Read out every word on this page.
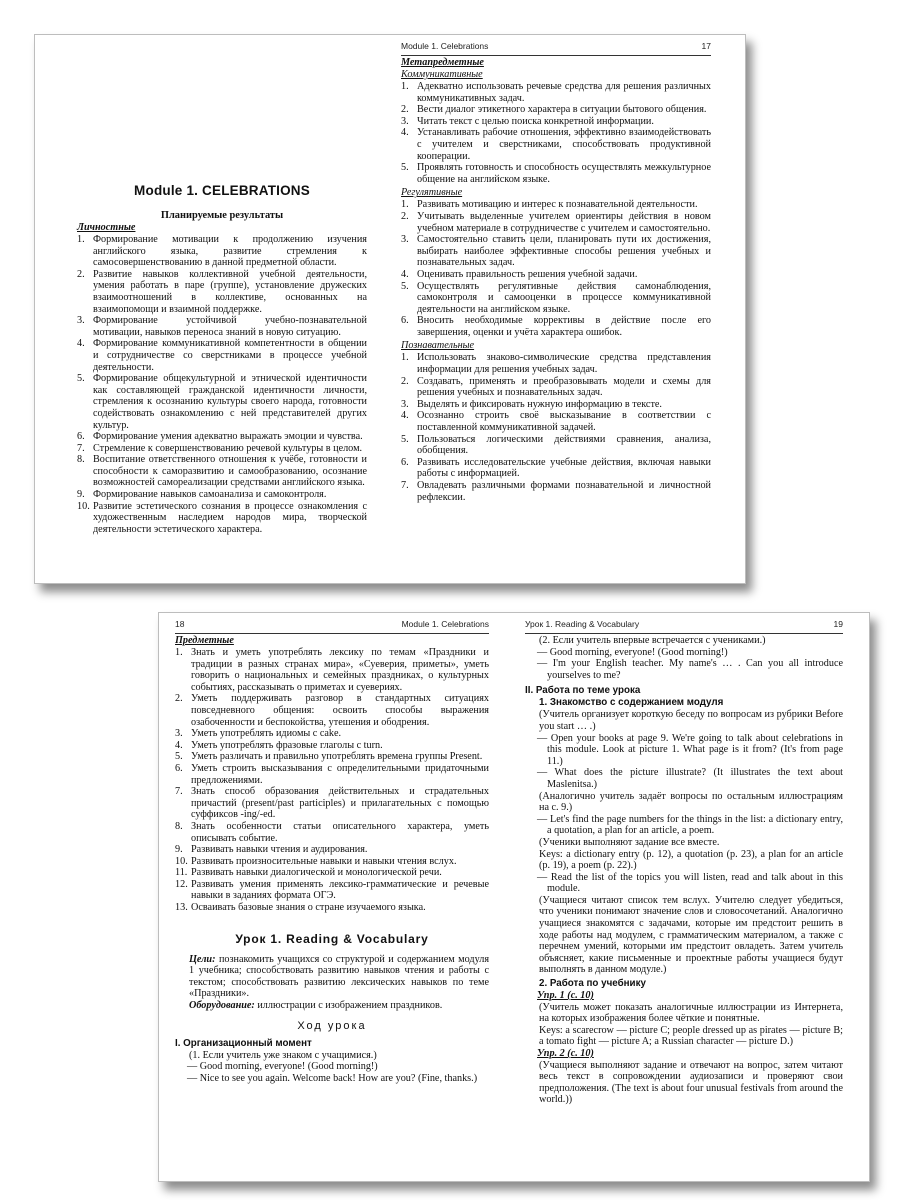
Module 1. CELEBRATIONS
Планируемые результаты
Личностные
1. Формирование мотивации к продолжению изучения английского языка, развитие стремления к самосовершенствованию в данной предметной области.
2. Развитие навыков коллективной учебной деятельности, умения работать в паре (группе), установление дружеских взаимоотношений в коллективе, основанных на взаимопомощи и взаимной поддержке.
3. Формирование устойчивой учебно-познавательной мотивации, навыков переноса знаний в новую ситуацию.
4. Формирование коммуникативной компетентности в общении и сотрудничестве со сверстниками в процессе учебной деятельности.
5. Формирование общекультурной и этнической идентичности как составляющей гражданской идентичности личности, стремления к осознанию культуры своего народа, готовности содействовать ознакомлению с ней представителей других культур.
6. Формирование умения адекватно выражать эмоции и чувства.
7. Стремление к совершенствованию речевой культуры в целом.
8. Воспитание ответственного отношения к учёбе, готовности и способности к саморазвитию и самообразованию, осознание возможностей самореализации средствами английского языка.
9. Формирование навыков самоанализа и самоконтроля.
10. Развитие эстетического сознания в процессе ознакомления с художественным наследием народов мира, творческой деятельности эстетического характера.
Module 1. Celebrations	17
Метапредметные
Коммуникативные
1. Адекватно использовать речевые средства для решения различных коммуникативных задач.
2. Вести диалог этикетного характера в ситуации бытового общения.
3. Читать текст с целью поиска конкретной информации.
4. Устанавливать рабочие отношения, эффективно взаимодействовать с учителем и сверстниками, способствовать продуктивной кооперации.
5. Проявлять готовность и способность осуществлять межкультурное общение на английском языке.
Регулятивные
1. Развивать мотивацию и интерес к познавательной деятельности.
2. Учитывать выделенные учителем ориентиры действия в новом учебном материале в сотрудничестве с учителем и самостоятельно.
3. Самостоятельно ставить цели, планировать пути их достижения, выбирать наиболее эффективные способы решения учебных и познавательных задач.
4. Оценивать правильность решения учебной задачи.
5. Осуществлять регулятивные действия самонаблюдения, самоконтроля и самооценки в процессе коммуникативной деятельности на английском языке.
6. Вносить необходимые коррективы в действие после его завершения, оценки и учёта характера ошибок.
Познавательные
1. Использовать знаково-символические средства представления информации для решения учебных задач.
2. Создавать, применять и преобразовывать модели и схемы для решения учебных и познавательных задач.
3. Выделять и фиксировать нужную информацию в тексте.
4. Осознанно строить своё высказывание в соответствии с поставленной коммуникативной задачей.
5. Пользоваться логическими действиями сравнения, анализа, обобщения.
6. Развивать исследовательские учебные действия, включая навыки работы с информацией.
7. Овладевать различными формами познавательной и личностной рефлексии.
18	Module 1. Celebrations
Предметные
1. Знать и уметь употреблять лексику по темам «Праздники и традиции в разных странах мира», «Суеверия, приметы», уметь говорить о национальных и семейных праздниках, о культурных событиях, рассказывать о приметах и суевериях.
2. Уметь поддерживать разговор в стандартных ситуациях повседневного общения: освоить способы выражения озабоченности и беспокойства, утешения и ободрения.
3. Уметь употреблять идиомы с cake.
4. Уметь употреблять фразовые глаголы с turn.
5. Уметь различать и правильно употреблять времена группы Present.
6. Уметь строить высказывания с определительными придаточными предложениями.
7. Знать способ образования действительных и страдательных причастий (present/past participles) и прилагательных с помощью суффиксов -ing/-ed.
8. Знать особенности статьи описательного характера, уметь описывать событие.
9. Развивать навыки чтения и аудирования.
10. Развивать произносительные навыки и навыки чтения вслух.
11. Развивать навыки диалогической и монологической речи.
12. Развивать умения применять лексико-грамматические и речевые навыки в заданиях формата ОГЭ.
13. Осваивать базовые знания о стране изучаемого языка.
Урок 1. Reading & Vocabulary
Цели: познакомить учащихся со структурой и содержанием модуля 1 учебника; способствовать развитию навыков чтения и работы с текстом; способствовать развитию лексических навыков по теме «Праздники».
Оборудование: иллюстрации с изображением праздников.
Ход урока
I. Организационный момент
(1. Если учитель уже знаком с учащимися.)
— Good morning, everyone! (Good morning!)
— Nice to see you again. Welcome back! How are you? (Fine, thanks.)
Урок 1. Reading & Vocabulary	19
(2. Если учитель впервые встречается с учениками.)
— Good morning, everyone! (Good morning!)
— I'm your English teacher. My name's … . Can you all introduce yourselves to me?
II. Работа по теме урока
1. Знакомство с содержанием модуля
(Учитель организует короткую беседу по вопросам из рубрики Before you start … .)
— Open your books at page 9. We're going to talk about celebrations in this module. Look at picture 1. What page is it from? (It's from page 11.)
— What does the picture illustrate? (It illustrates the text about Maslenitsa.)
(Аналогично учитель задаёт вопросы по остальным иллюстрациям на с. 9.)
— Let's find the page numbers for the things in the list: a dictionary entry, a quotation, a plan for an article, a poem.
(Ученики выполняют задание все вместе.
Keys: a dictionary entry (p. 12), a quotation (p. 23), a plan for an article (p. 19), a poem (p. 22).)
— Read the list of the topics you will listen, read and talk about in this module.
(Учащиеся читают список тем вслух. Учителю следует убедиться, что ученики понимают значение слов и словосочетаний. Аналогично учащиеся знакомятся с задачами, которые им предстоит решить в ходе работы над модулем, с грамматическим материалом, а также с перечнем умений, которыми им предстоит овладеть. Затем учитель объясняет, какие письменные и проектные работы учащиеся будут выполнять в данном модуле.)
2. Работа по учебнику
Упр. 1 (с. 10)
(Учитель может показать аналогичные иллюстрации из Интернета, на которых изображения более чёткие и понятные.
Keys: a scarecrow — picture C; people dressed up as pirates — picture B; a tomato fight — picture A; a Russian character — picture D.)
Упр. 2 (с. 10)
(Учащиеся выполняют задание и отвечают на вопрос, затем читают весь текст в сопровождении аудиозаписи и проверяют свои предположения. (The text is about four unusual festivals from around the world.))
